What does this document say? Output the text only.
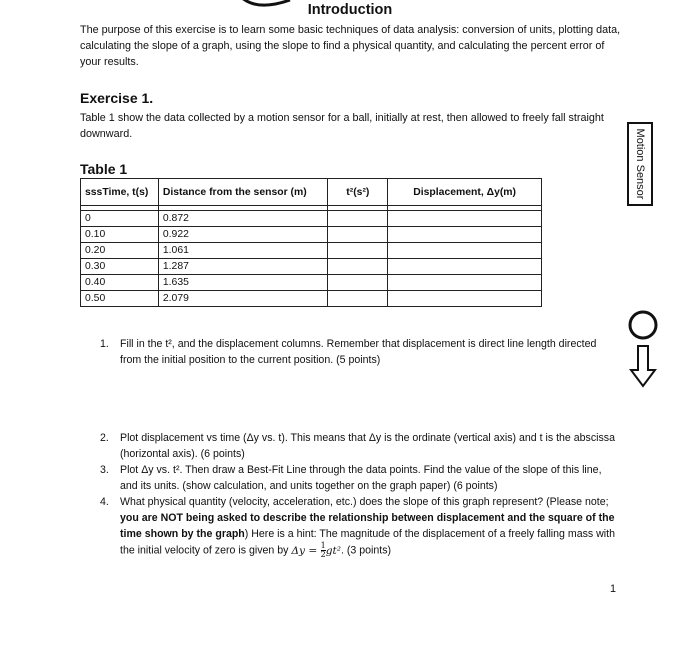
Introduction
The purpose of this exercise is to learn some basic techniques of data analysis: conversion of units, plotting data, calculating the slope of a graph, using the slope to find a physical quantity, and calculating the percent error of your results.
Exercise 1.
Table 1 show the data collected by a motion sensor for a ball, initially at rest, then allowed to freely fall straight downward.
Table 1
sssTime, t(s)	Distance from the sensor (m)	t²(s²)	Displacement, Δy(m)

0	0.872		
0.10	0.922		
0.20	1.061		
0.30	1.287		
0.40	1.635		
0.50	2.079		
Motion Sensor
1. Fill in the t², and the displacement columns. Remember that displacement is direct line length directed from the initial position to the current position. (5 points)
2. Plot displacement vs time (Δy vs. t). This means that Δy is the ordinate (vertical axis) and t is the abscissa (horizontal axis). (6 points)
3. Plot Δy vs. t². Then draw a Best-Fit Line through the data points. Find the value of the slope of this line, and its units. (show calculation, and units together on the graph paper) (6 points)
4. What physical quantity (velocity, acceleration, etc.) does the slope of this graph represent? (Please note; you are NOT being asked to describe the relationship between displacement and the square of the time shown by the graph) Here is a hint: The magnitude of the displacement of a freely falling mass with the initial velocity of zero is given by $\Delta y = \frac{1}{2} gt^2$. (3 points)
1
